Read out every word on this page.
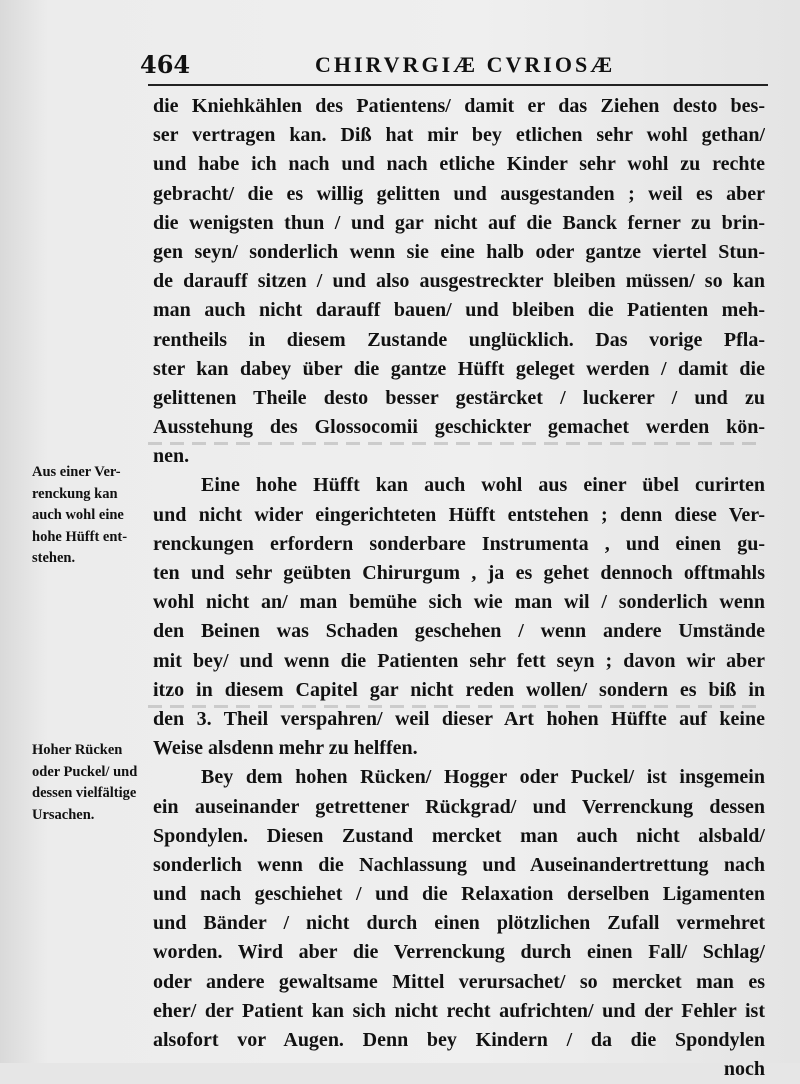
464	CHIRVRGIÆ CVRIOSÆ
die Kniehkählen des Patientens/ damit er das Ziehen desto bes-
ser vertragen kan. Diß hat mir bey etlichen sehr wohl gethan/
und habe ich nach und nach etliche Kinder sehr wohl zu rechte
gebracht/ die es willig gelitten und ausgestanden ; weil es aber
die wenigsten thun / und gar nicht auf die Banck ferner zu brin-
gen seyn/ sonderlich wenn sie eine halb oder gantze viertel Stun-
de darauff sitzen / und also ausgestreckter bleiben müssen/ so kan
man auch nicht darauff bauen/ und bleiben die Patienten meh-
rentheils in diesem Zustande unglücklich. Das vorige Pfla-
ster kan dabey über die gantze Hüfft geleget werden / damit die
gelittenen Theile desto besser gestärcket / luckerer / und zu
Ausstehung des Glossocomii geschickter gemachet werden kön-
nen.
Eine hohe Hüfft kan auch wohl aus einer übel curirten
und nicht wider eingerichteten Hüfft entstehen ; denn diese Ver-
renckungen erfordern sonderbare Instrumenta , und einen gu-
ten und sehr geübten Chirurgum , ja es gehet dennoch offtmahls
wohl nicht an/ man bemühe sich wie man wil / sonderlich wenn
den Beinen was Schaden geschehen / wenn andere Umstände
mit bey/ und wenn die Patienten sehr fett seyn ; davon wir aber
itzo in diesem Capitel gar nicht reden wollen/ sondern es biß in
den 3. Theil verspahren/ weil dieser Art hohen Hüffte auf keine
Weise alsdenn mehr zu helffen.
Bey dem hohen Rücken/ Hogger oder Puckel/ ist insgemein
ein auseinander getrettener Rückgrad/ und Verrenckung dessen
Spondylen. Diesen Zustand mercket man auch nicht alsbald/
sonderlich wenn die Nachlassung und Auseinandertrettung nach
und nach geschiehet / und die Relaxation derselben Ligamenten
und Bänder / nicht durch einen plötzlichen Zufall vermehret
worden. Wird aber die Verrenckung durch einen Fall/ Schlag/
oder andere gewaltsame Mittel verursachet/ so mercket man es
eher/ der Patient kan sich nicht recht aufrichten/ und der Fehler ist
alsofort vor Augen. Denn bey Kindern / da die Spondylen
noch
Aus einer Ver-
renckung kan
auch wohl eine
hohe Hüfft ent-
stehen.
Hoher Rücken
oder Puckel/ und
dessen vielfältige
Ursachen.
